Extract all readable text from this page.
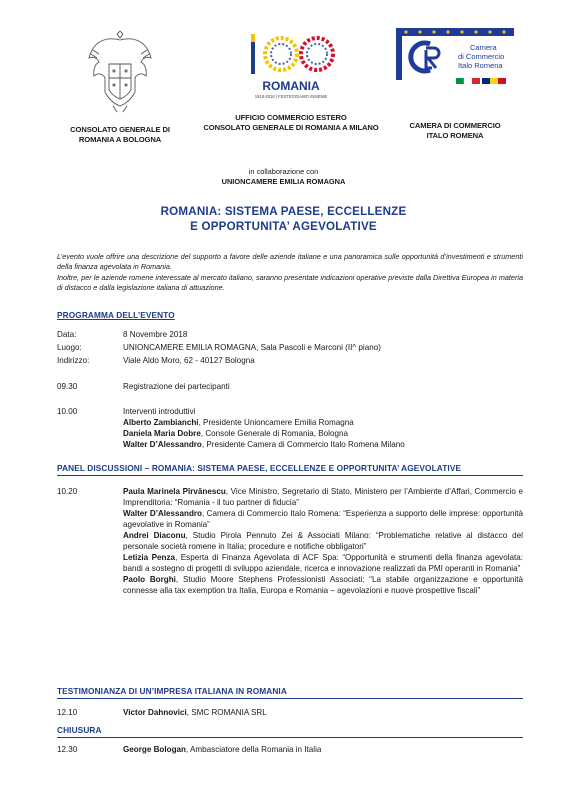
CONSOLATO GENERALE DI
ROMANIA A BOLOGNA
ROMANIA
1918-2018 | FESTEGGIAMO INSIEME
UFFICIO COMMERCIO ESTERO
CONSOLATO GENERALE DI ROMANIA A MILANO
Camera
di Commercio
Italo Romena
CAMERA DI COMMERCIO
ITALO ROMENA
in collaborazione con
UNIONCAMERE EMILIA ROMAGNA
ROMANIA: SISTEMA PAESE, ECCELLENZE
E OPPORTUNITA’ AGEVOLATIVE

L’evento vuole offrire una descrizione del supporto a favore delle aziende italiane e una panoramica sulle opportunità d’investimenti e strumenti della finanza agevolata in Romania.

Inoltre, per le aziende romene interessate al mercato italiano, saranno presentate indicazioni operative previste dalla Direttiva Europea in materia di distacco e dalla legislazione italiana di attuazione.

PROGRAMMA DELL’EVENTO
Data:	8 Novembre 2018
Luogo:	UNIONCAMERE EMILIA ROMAGNA, Sala Pascoli e Marconi (II^ piano)
Indirizzo:	Viale Aldo Moro, 62 - 40127 Bologna
09.30	Registrazione dei partecipanti
10.00	Interventi introduttivi

Alberto Zambianchi, Presidente Unioncamere Emilia Romagna

Daniela Maria Dobre, Console Generale di Romania, Bologna

Walter D’Alessandro, Presidente Camera di Commercio Italo Romena Milano

PANEL DISCUSSIONI – ROMANIA: SISTEMA PAESE, ECCELLENZE E OPPORTUNITA’ AGEVOLATIVE
10.20	Paula Marinela Pîrvănescu, Vice Ministro, Segretario di Stato, Ministero per l’Ambiente d’Affari, Commercio e Imprenditoria: “Romania - il tuo partner di fiducia”

Walter D’Alessandro, Camera di Commercio Italo Romena: “Esperienza a supporto delle imprese: opportunità agevolative in Romania”

Andrei Diaconu, Studio Pirola Pennuto Zei & Associati Milano: “Problematiche relative al distacco del personale società romene in Italia; procedure e notifiche obbligatori”

Letizia Penza, Esperta di Finanza Agevolata di ACF Spa: “Opportunità e strumenti della finanza agevolata: bandi a sostegno di progetti di sviluppo aziendale, ricerca e innovazione realizzati da PMI operanti in Romania”

Paolo Borghi, Studio Moore Stephens Professionisti Associati: “La stabile organizzazione e opportunità connesse alla tax exemption tra Italia, Europa e Romania – agevolazioni e nuove prospettive fiscali”

TESTIMONIANZA DI UN’IMPRESA ITALIANA IN ROMANIA
12.10	Victor Dahnovici, SMC ROMANIA SRL
CHIUSURA
12.30	George Bologan, Ambasciatore della Romania in Italia
